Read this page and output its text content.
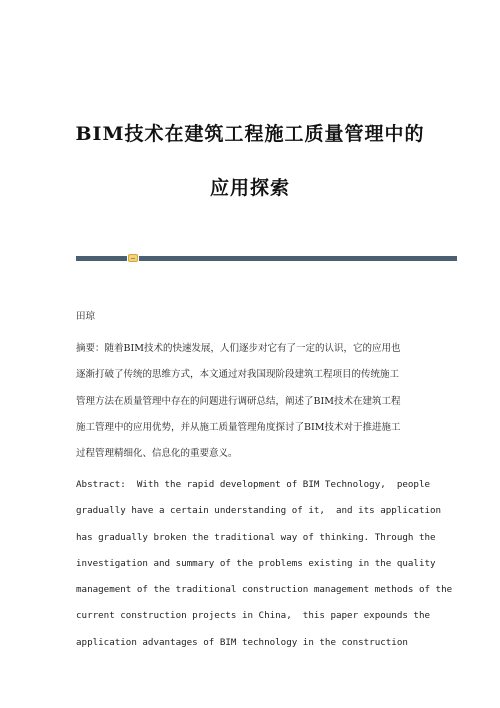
BIM技术在建筑工程施工质量管理中的
应用探索
田琼
摘要：随着BIM技术的快速发展，人们逐步对它有了一定的认识，它的应用也
逐渐打破了传统的思维方式，本文通过对我国现阶段建筑工程项目的传统施工
管理方法在质量管理中存在的问题进行调研总结，阐述了BIM技术在建筑工程
施工管理中的应用优势，并从施工质量管理角度探讨了BIM技术对于推进施工
过程管理精细化、信息化的重要意义。
Abstract:  With the rapid development of BIM Technology,  people
gradually have a certain understanding of it,  and its application
has gradually broken the traditional way of thinking. Through the
investigation and summary of the problems existing in the quality
management of the traditional construction management methods of the
current construction projects in China,  this paper expounds the
application advantages of BIM technology in the construction
